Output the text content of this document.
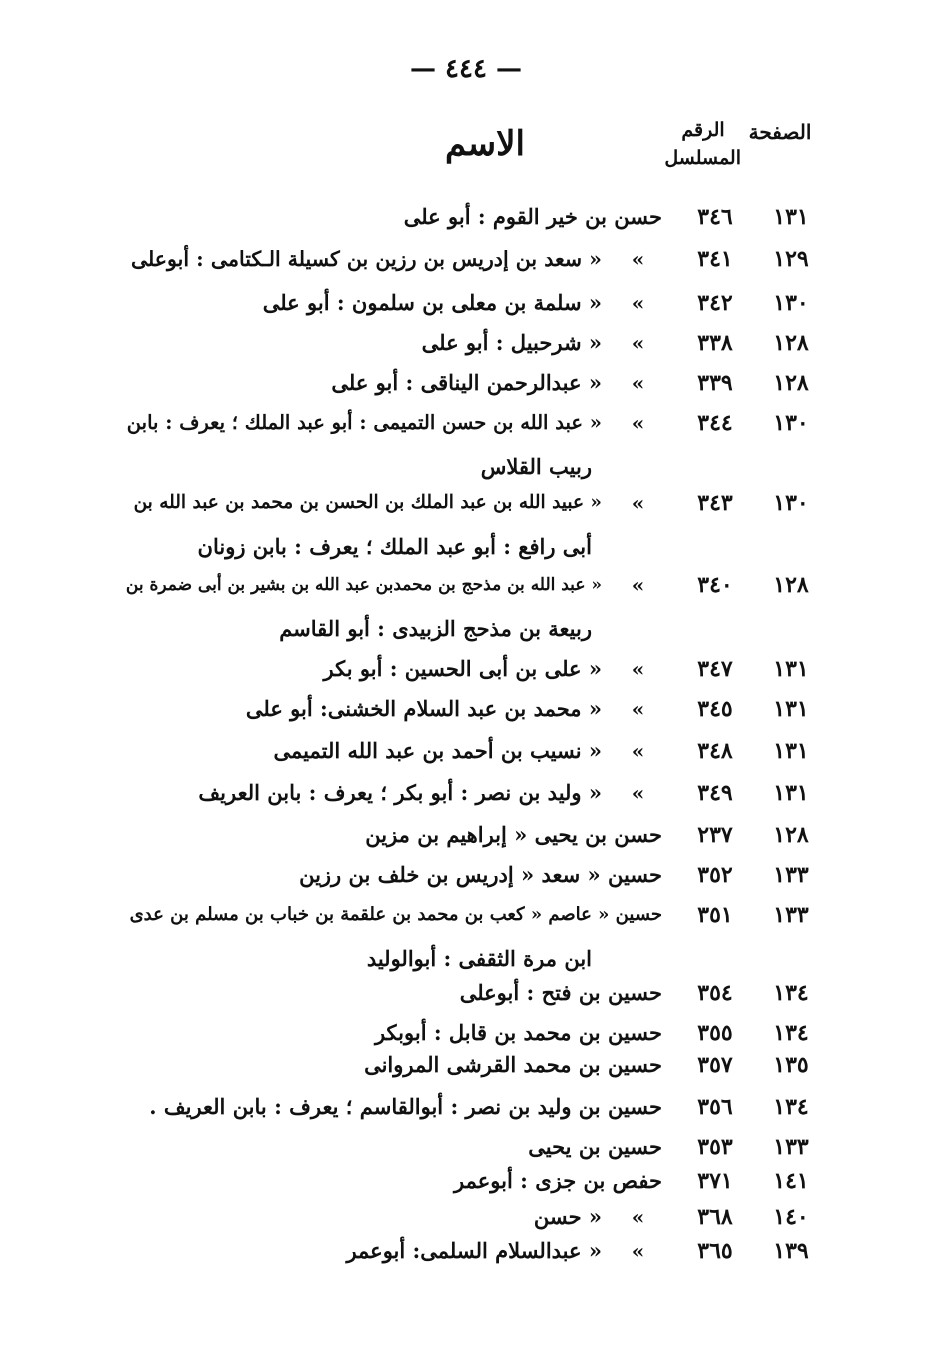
— ٤٤٤ —
الصفحة
الرقم المسلسل
الاسم
١٣١
٣٤٦
حسن بن خير القوم : أبو على
١٢٩
٣٤١
«
« سعد بن إدريس بن رزين بن كسيلة الـكتامى : أبوعلى
١٣٠
٣٤٢
«
« سلمة بن معلى بن سلمون : أبو على
١٢٨
٣٣٨
«
« شرحبيل : أبو على
١٢٨
٣٣٩
«
« عبدالرحمن اليناقى : أبو على
١٣٠
٣٤٤
«
« عبد الله بن حسن التميمى : أبو عبد الملك ؛ يعرف : بابن
ربيب القلاس
١٣٠
٣٤٣
«
« عبيد الله بن عبد الملك بن الحسن بن محمد بن عبد الله بن
أبى رافع : أبو عبد الملك ؛ يعرف : بابن زونان
١٢٨
٣٤٠
«
« عبد الله بن مذحج بن محمدبن عبد الله بن بشير بن أبى ضمرة بن
ربيعة بن مذحج الزبيدى : أبو القاسم
١٣١
٣٤٧
«
« على بن أبى الحسين : أبو بكر
١٣١
٣٤٥
«
« محمد بن عبد السلام الخشنى: أبو على
١٣١
٣٤٨
«
« نسيب بن أحمد بن عبد الله التميمى
١٣١
٣٤٩
«
« وليد بن نصر : أبو بكر ؛ يعرف : بابن العريف
١٢٨
٢٣٧
حسن بن يحيى « إبراهيم بن مزين
١٣٣
٣٥٢
حسين « سعد « إدريس بن خلف بن رزين
١٣٣
٣٥١
حسين « عاصم « كعب بن محمد بن علقمة بن خباب بن مسلم بن عدى
ابن مرة الثقفى : أبوالوليد
١٣٤
٣٥٤
حسين بن فتح : أبوعلى
١٣٤
٣٥٥
حسين بن محمد بن قابل : أبوبكر
١٣٥
٣٥٧
حسين بن محمد القرشى المروانى
١٣٤
٣٥٦
حسين بن وليد بن نصر : أبوالقاسم ؛ يعرف : بابن العريف .
١٣٣
٣٥٣
حسين بن يحيى
١٤١
٣٧١
حفص بن جزى : أبوعمر
١٤٠
٣٦٨
«
« حسن
١٣٩
٣٦٥
«
« عبدالسلام السلمى: أبوعمر
